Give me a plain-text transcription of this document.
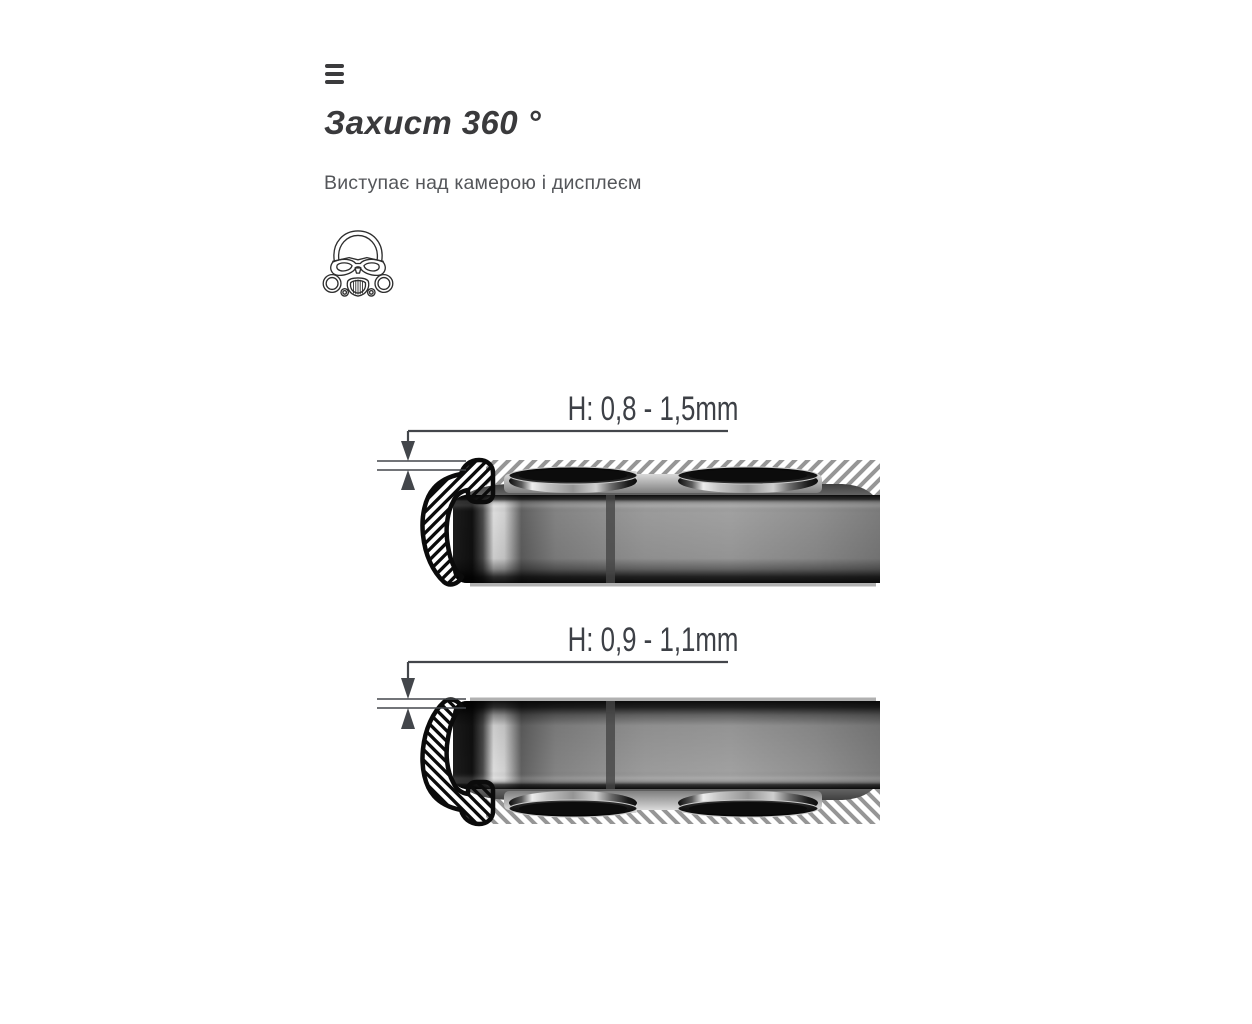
Захист 360 °

Виступає над камерою і дисплеєм

H: 0,8 - 1,5mm
H: 0,9 - 1,1mm
